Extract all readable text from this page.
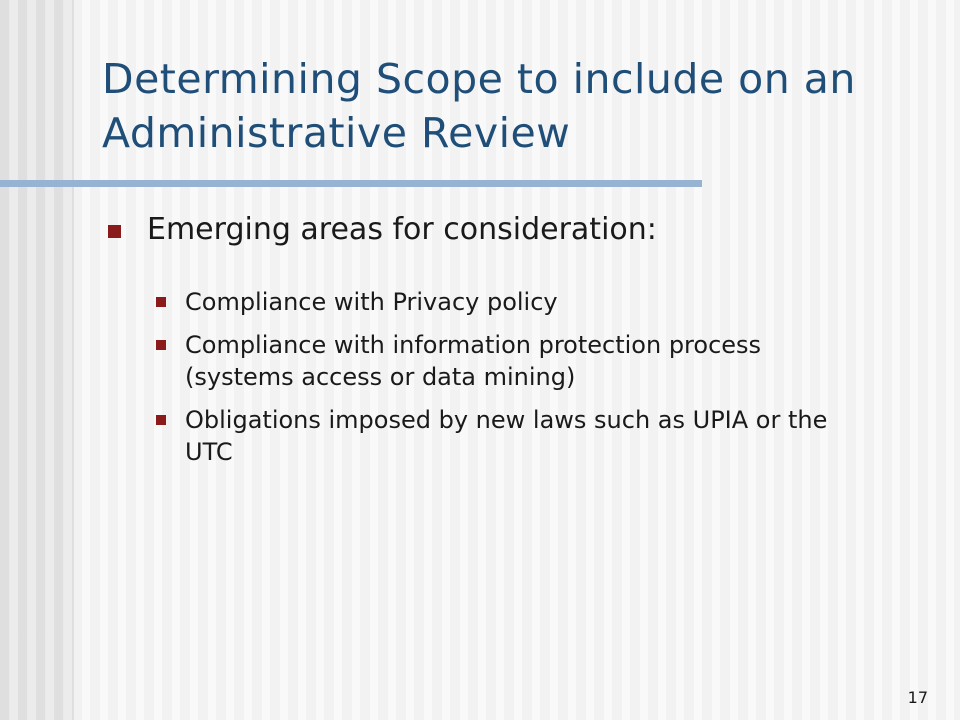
Determining Scope to include on an Administrative Review
Emerging areas for consideration:
Compliance with Privacy policy
Compliance with information protection process (systems access or data mining)
Obligations imposed by new laws such as UPIA or the UTC
17
